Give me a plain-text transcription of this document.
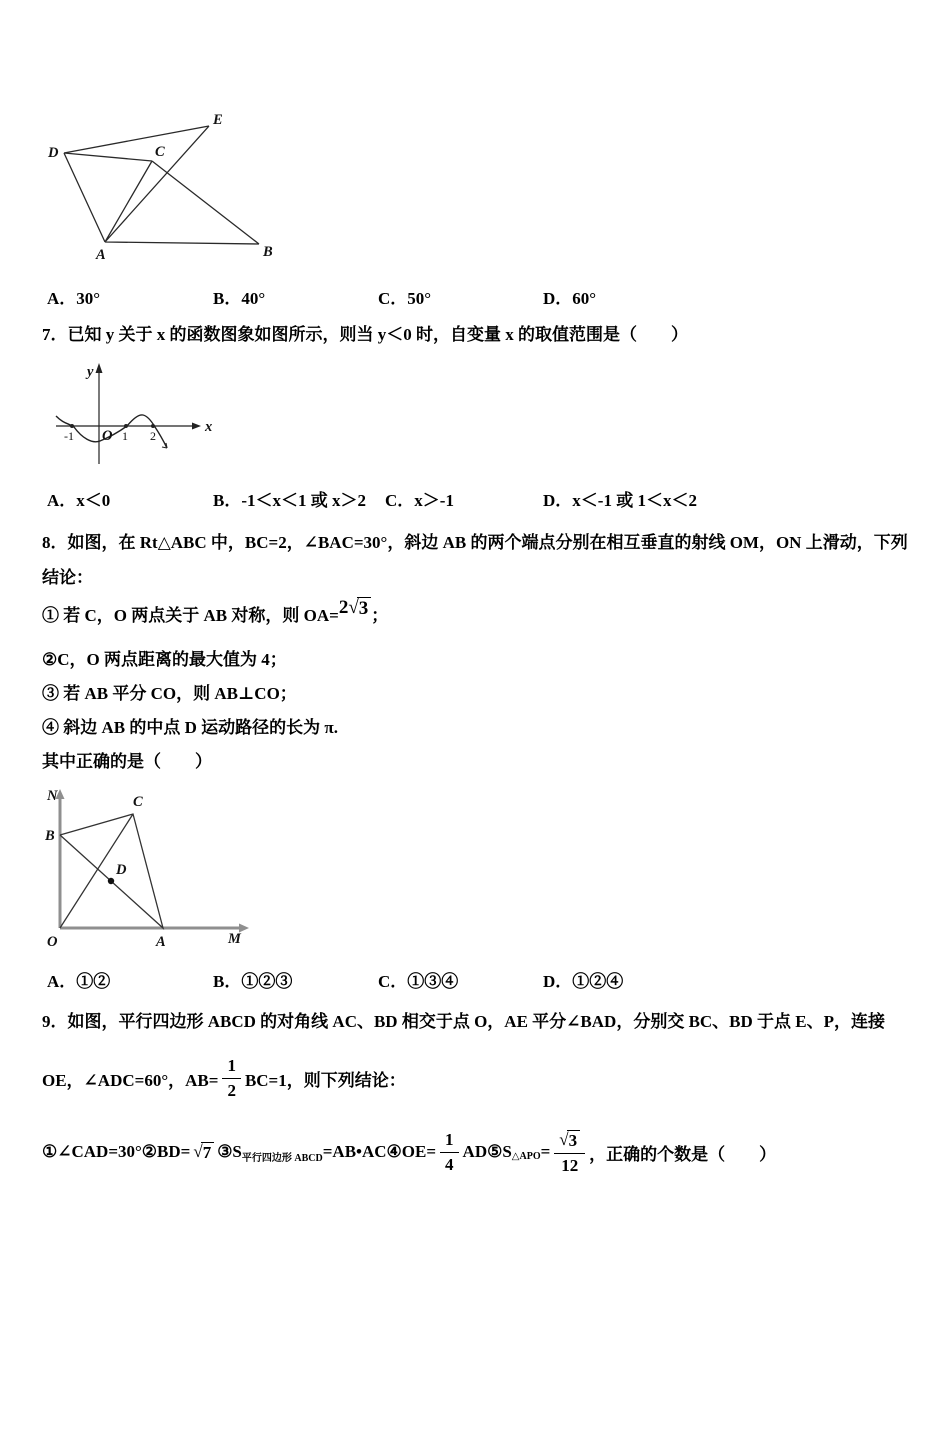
D
E
C
A	B
A．30°	B．40°	C．50°	D．60°
7．已知 y 关于 x 的函数图象如图所示，则当 y＜0 时，自变量 x 的取值范围是（　　）
y
x
O
-1	1 2
A．x＜0	B．-1＜x＜1 或 x＞2 C．x＞-1	D．x＜-1 或 1＜x＜2
8．如图，在 Rt△ABC 中，BC=2，∠BAC=30°，斜边 AB 的两个端点分别在相互垂直的射线 OM，ON 上滑动，下列
结论：
① 若 C，O 两点关于 AB 对称，则 OA= 2 √ 3 ；
②C，O 两点距离的最大值为 4；
③ 若 AB 平分 CO，则 AB⊥CO；
④ 斜边 AB 的中点 D 运动路径的长为 π.
其中正确的是（　　）
N	C
B
D
O	A	M
A．①②	B．①②③	C．①③④	D．①②④
9．如图，平行四边形 ABCD 的对角线 AC、BD 相交于点 O，AE 平分∠BAD，分别交 BC、BD 于点 E、P，连接
OE，∠ADC=60°，$AB= \frac{1}{2} BC=1$，则下列结论：
①∠CAD=30°②BD= √ 7 ③S 平行四边形 ABCD =AB•AC④OE= $\frac{1}{4}$ AD⑤S △APO = $\frac{√ 3}{12}$ ，正确的个数是（　　）
